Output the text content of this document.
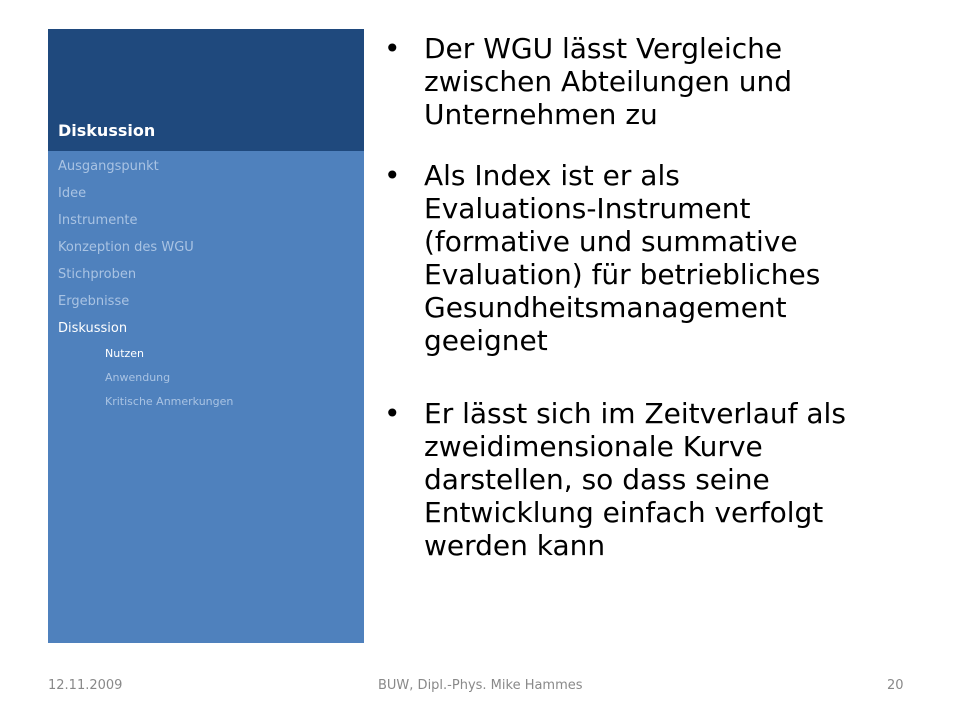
Diskussion
Ausgangspunkt
Idee
Instrumente
Konzeption des WGU
Stichproben
Ergebnisse
Diskussion
Nutzen
Anwendung
Kritische Anmerkungen
• Der WGU lässt Vergleiche
zwischen Abteilungen und
Unternehmen zu
• Als Index ist er als
Evaluations-Instrument
(formative und summative
Evaluation) für betriebliches
Gesundheitsmanagement
geeignet
• Er lässt sich im Zeitverlauf als
zweidimensionale Kurve
darstellen, so dass seine
Entwicklung einfach verfolgt
werden kann
12.11.2009	BUW, Dipl.-Phys. Mike Hammes	20
